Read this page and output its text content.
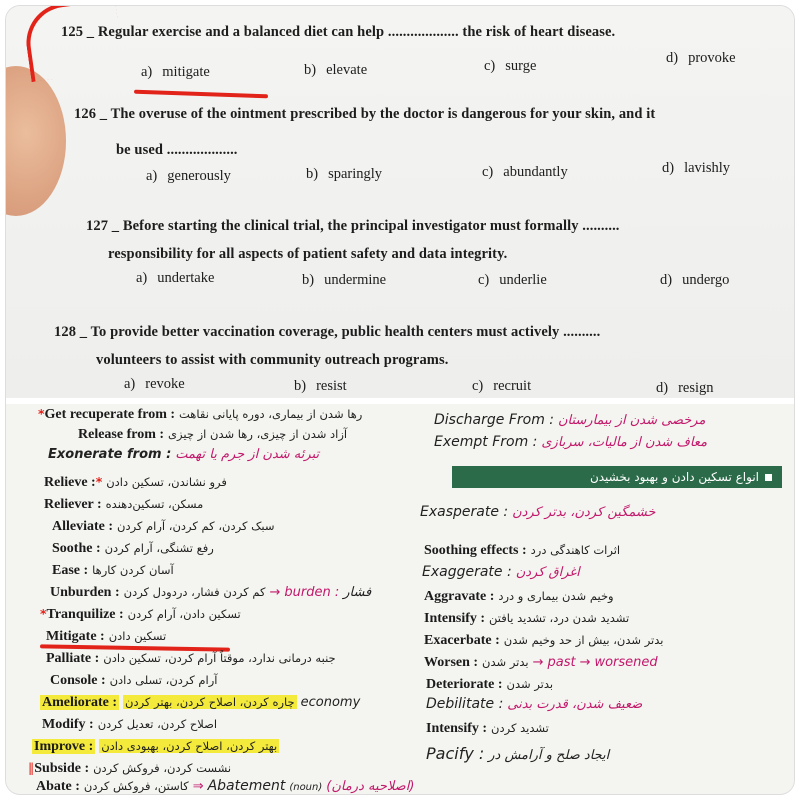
125 _ Regular exercise and a balanced diet can help ................... the risk of heart disease.
a) mitigate	b) elevate	c) surge	d) provoke
126 _ The overuse of the ointment prescribed by the doctor is dangerous for your skin, and it
be used ...................
a) generously	b) sparingly	c) abundantly	d) lavishly
127 _ Before starting the clinical trial, the principal investigator must formally ..........
responsibility for all aspects of patient safety and data integrity.
a) undertake	b) undermine	c) underlie	d) undergo
128 _ To provide better vaccination coverage, public health centers must actively ..........
volunteers to assist with community outreach programs.
a) revoke	b) resist	c) recruit	d) resign
انواع تسکین دادن و بهبود بخشیدن
*Get recuperate from : رها شدن از بیماری، دوره پایانی نقاهت
Release from : آزاد شدن از چیزی، رها شدن از چیزی
Exonerate from : تبرئه شدن از جرم یا تهمت
Relieve :* فرو نشاندن، تسکین دادن
Reliever : مسکن، تسکین‌دهنده
Alleviate : سبک کردن، کم کردن، آرام کردن
Soothe : رفع تشنگی، آرام کردن
Ease : آسان کردن کارها
Unburden : کم کردن فشار، دردودل کردن → burden : فشار
*Tranquilize : تسکین دادن، آرام کردن
Mitigate : تسکین دادن
Palliate : جنبه درمانی ندارد، موقتاً آرام کردن، تسکین دادن
Console : آرام کردن، تسلی دادن
Ameliorate : چاره کردن، اصلاح کردن، بهتر کردن economy
Modify : اصلاح کردن، تعدیل کردن
Improve : بهتر کردن، اصلاح کردن، بهبودی دادن
‖Subside : نشست کردن، فروکش کردن
Abate : کاستن، فروکش کردن ⇒ Abatement (noun) (اصلاحیه درمان)
Discharge From : مرخصی شدن از بیمارستان
Exempt From : معاف شدن از مالیات، سربازی
Exasperate : خشمگین کردن، بدتر کردن
Soothing effects : اثرات کاهندگی درد
Exaggerate : اغراق کردن
Aggravate : وخیم شدن بیماری و درد
Intensify : تشدید شدن درد، تشدید یافتن
Exacerbate : بدتر شدن، بیش از حد وخیم شدن
Worsen : بدتر شدن → past → worsened
Deteriorate : بدتر شدن
Debilitate : ضعیف شدن، قدرت بدنی
Intensify : تشدید کردن
Pacify : ایجاد صلح و آرامش در
